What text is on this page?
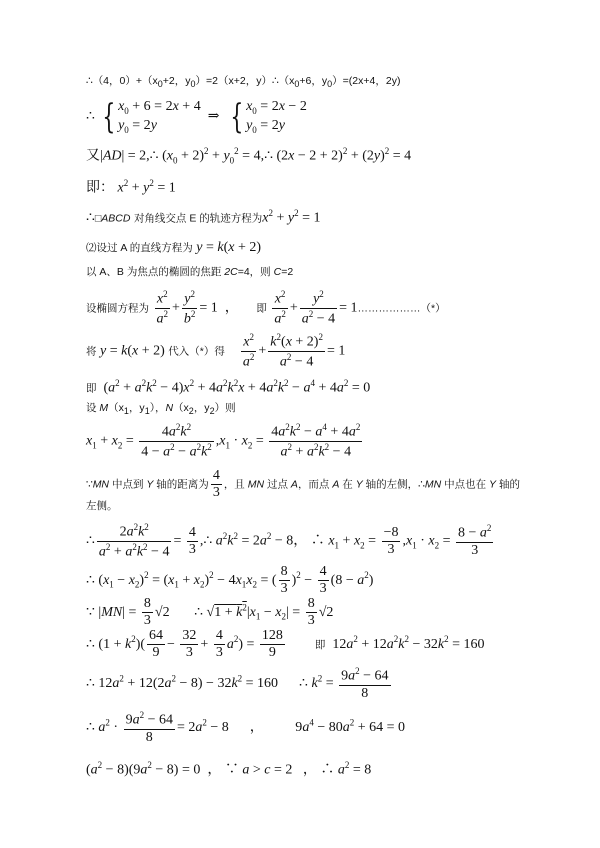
∴（4，$0)+(x_0+2$，$y_0)=2(x+2$，$y)\therefore(x_0+6$，$y_0)=(2x+4$，2y)
∴ { $x_0 + 6 = 2x + 4$
$y_0 = 2y$
⇒ { $x_0 = 2x - 2$
$y_0 = 2y$
又|AD| = 2,∴ $(x_0 + 2)^2 + y_0^2$ = 4,∴ $(2x - 2 + 2)^2 + (2y)^2 = 4$
即： $x^2 + y^2 = 1$
∴□ABCD 对角线交点 E 的轨迹方程为$x^2 + y^2 = 1$
⑵设过 A 的直线方程为 y = k(x + 2)
以 A、B 为焦点的椭圆的焦距 2C=4，则 C=2
设椭圆方程为 $\frac{x^2}{a^2} + \frac{y^2}{b^2} = 1$  ，     即 $\frac{x^2}{a^2} + \frac{y^2}{a^2 - 4}$ = 1………………（*）
将 y = k(x + 2) 代入（*）得 $\frac{x^2}{a^2} + \frac{k^2(x + 2)^2}{a^2 - 4} = 1$
即  $(a^2 + a^2k^2 - 4)x^2 + 4a^2k^2x + 4a^2k^2 - a^4 + 4a^2 = 0$
设 $M(x_1$，$y_1$），$N(x_2$，$y_2$）则
$x_1 + x_2 = \frac{4a^2k^2}{4 - a^2 - a^2k^2} ,x_1 \cdot x_2 = \frac{4a^2k^2 - a^4 + 4a^2}{a^2 + a^2k^2 - 4}$
∵MN 中点到 Y 轴的距离为 $\frac{4}{3}$ ，且 MN 过点 A，而点 A 在 Y 轴的左侧，∴MN 中点也在 Y 轴的
左侧。
∴ $\frac{2a^2k^2}{a^2 + a^2k^2 - 4} = \frac{4}{3}$ ,∴ $a^2k^2 = 2a^2 - 8$， ∴ $x_1 + x_2 = \frac{-8}{3} ,x_1 \cdot x_2 = \frac{8 - a^2}{3}$
∴ $(x_1 - x_2)^2 = (x_1 + x_2)^2 - 4x_1x_2$ = ( $\frac{8}{3} )^2 - \frac{4}{3} (8 - a^2)$
∵ $|MN| = \frac{8}{3} √2$       ∴ $√1 + k^2|x_1 - x_2| = \frac{8}{3} √2$
∴ $(1 + k^2)( \frac{64}{9} - \frac{32}{3} + \frac{4}{3} a^2) = \frac{128}{9}$	即  $12a^2 + 12a^2k^2 - 32k^2 = 160$
∴ $12a^2 + 12(2a^2 - 8) - 32k^2 = 160$      ∴ $k^2 = \frac{9a^2 - 64}{8}$
∴ $a^2 \cdot \frac{9a^2 - 64}{8} = 2a^2 - 8$      ，         $9a^4 - 80a^2 + 64 = 0$
$(a^2 - 8)(9a^2 - 8) = 0$  ， ∵ a > c = 2   ， ∴ $a^2 = 8$
